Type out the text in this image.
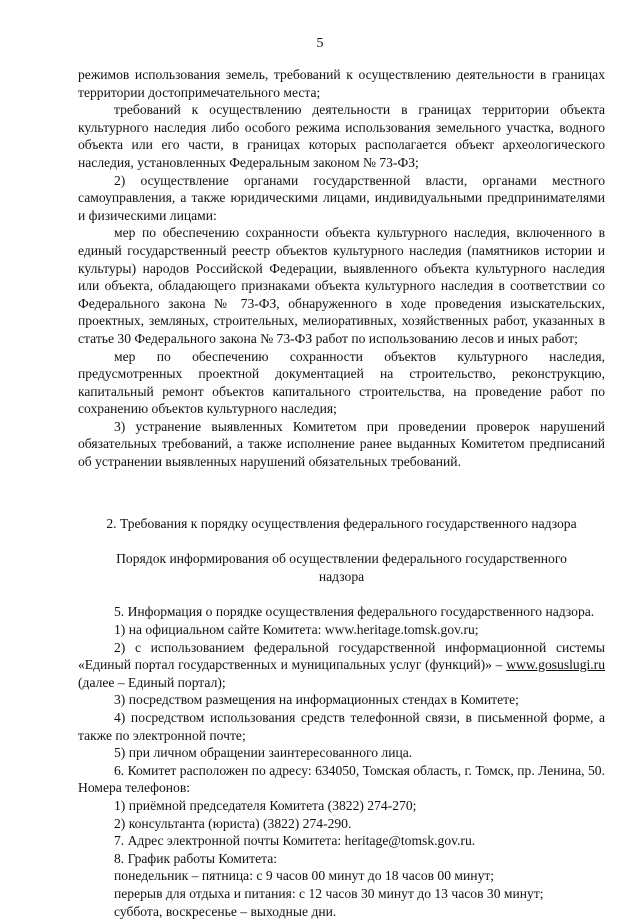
5

режимов использования земель, требований к осуществлению деятельности в границах территории достопримечательного места;

требований к осуществлению деятельности в границах территории объекта культурного наследия либо особого режима использования земельного участка, водного объекта или его части, в границах которых располагается объект археологического наследия, установленных Федеральным законом № 73-ФЗ;

2) осуществление органами государственной власти, органами местного самоуправления, а также юридическими лицами, индивидуальными предпринимателями и физическими лицами:

мер по обеспечению сохранности объекта культурного наследия, включенного в единый государственный реестр объектов культурного наследия (памятников истории и культуры) народов Российской Федерации, выявленного объекта культурного наследия или объекта, обладающего признаками объекта культурного наследия в соответствии со Федерального закона № 73-ФЗ, обнаруженного в ходе проведения изыскательских, проектных, земляных, строительных, мелиоративных, хозяйственных работ, указанных в статье 30 Федерального закона № 73-ФЗ работ по использованию лесов и иных работ;

мер по обеспечению сохранности объектов культурного наследия, предусмотренных проектной документацией на строительство, реконструкцию, капитальный ремонт объектов капитального строительства, на проведение работ по сохранению объектов культурного наследия;

3) устранение выявленных Комитетом при проведении проверок нарушений обязательных требований, а также исполнение ранее выданных Комитетом предписаний об устранении выявленных нарушений обязательных требований.

2. Требования к порядку осуществления федерального государственного надзора

Порядок информирования об осуществлении федерального государственного надзора

5. Информация о порядке осуществления федерального государственного надзора.

1) на официальном сайте Комитета: www.heritage.tomsk.gov.ru;

2) с использованием федеральной государственной информационной системы «Единый портал государственных и муниципальных услуг (функций)» – www.gosuslugi.ru (далее – Единый портал);

3) посредством размещения на информационных стендах в Комитете;

4) посредством использования средств телефонной связи, в письменной форме, а также по электронной почте;

5) при личном обращении заинтересованного лица.

6. Комитет расположен по адресу: 634050, Томская область, г. Томск, пр. Ленина, 50. Номера телефонов:

1) приёмной председателя Комитета (3822) 274-270;

2) консультанта (юриста) (3822) 274-290.

7. Адрес электронной почты Комитета: heritage@tomsk.gov.ru.

8. График работы Комитета:

понедельник – пятница: с 9 часов 00 минут до 18 часов 00 минут;

перерыв для отдыха и питания: с 12 часов 30 минут до 13 часов 30 минут;

суббота, воскресенье – выходные дни.
